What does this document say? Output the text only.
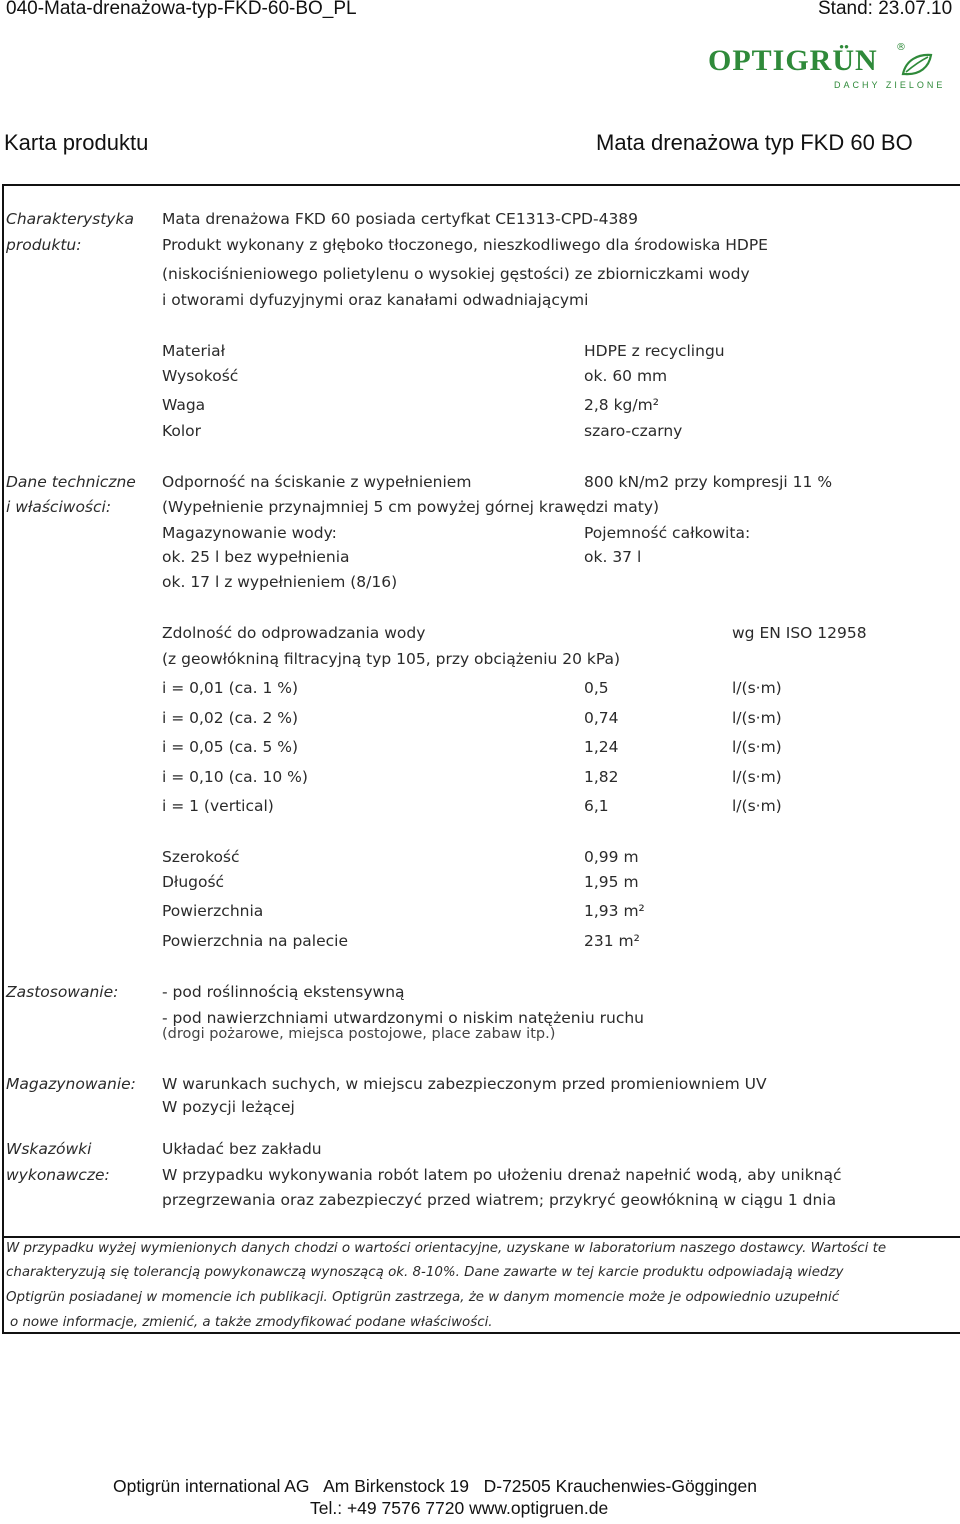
040-Mata-drenażowa-typ-FKD-60-BO_PL	Stand: 23.07.10
OPTIGRÜN ®
DACHY ZIELONE
Karta produktu	Mata drenażowa typ FKD 60 BO
Charakterystyka
produktu:
Mata drenażowa FKD 60 posiada certyfkat CE1313-CPD-4389
Produkt wykonany z głęboko tłoczonego, nieszkodliwego dla środowiska HDPE
(niskociśnieniowego polietylenu o wysokiej gęstości) ze zbiorniczkami wody
i otworami dyfuzyjnymi oraz kanałami odwadniającymi
Materiał	HDPE z recyclingu
Wysokość	ok. 60 mm
Waga	2,8 kg/m²
Kolor	szaro-czarny
Dane techniczne
i właściwości:
Odporność na ściskanie z wypełnieniem	800 kN/m2 przy kompresji 11 %
(Wypełnienie przynajmniej 5 cm powyżej górnej krawędzi maty)
Magazynowanie wody:	Pojemność całkowita:
ok. 25 l bez wypełnienia	ok. 37 l
ok. 17 l z wypełnieniem (8/16)
Zdolność do odprowadzania wody	wg EN ISO 12958
(z geowłókniną filtracyjną typ 105, przy obciążeniu 20 kPa)
i = 0,01 (ca. 1 %)	0,5	l/(s·m)
i = 0,02 (ca. 2 %)	0,74	l/(s·m)
i = 0,05 (ca. 5 %)	1,24	l/(s·m)
i = 0,10 (ca. 10 %)	1,82	l/(s·m)
i = 1 (vertical)	6,1	l/(s·m)
Szerokość	0,99 m
Długość	1,95 m
Powierzchnia	1,93 m²
Powierzchnia na palecie	231 m²
Zastosowanie:	- pod roślinnością ekstensywną
- pod nawierzchniami utwardzonymi o niskim natężeniu ruchu
(drogi pożarowe, miejsca postojowe, place zabaw itp.)
Magazynowanie: W warunkach suchych, w miejscu zabezpieczonym przed promieniowniem UV
W pozycji leżącej
Wskazówki
wykonawcze:
Układać bez zakładu
W przypadku wykonywania robót latem po ułożeniu drenaż napełnić wodą, aby uniknąć
przegrzewania oraz zabezpieczyć przed wiatrem; przykryć geowłókniną w ciągu 1 dnia
W przypadku wyżej wymienionych danych chodzi o wartości orientacyjne, uzyskane w laboratorium naszego dostawcy. Wartości te
charakteryzują się tolerancją powykonawczą wynoszącą ok. 8-10%. Dane zawarte w tej karcie produktu odpowiadają wiedzy
Optigrün posiadanej w momencie ich publikacji. Optigrün zastrzega, że w danym momencie może je odpowiednio uzupełnić
o nowe informacje, zmienić, a także zmodyfikować podane właściwości.
Optigrün international AG   Am Birkenstock 19   D-72505 Krauchenwies-Göggingen
Tel.: +49 7576 7720 www.optigruen.de
